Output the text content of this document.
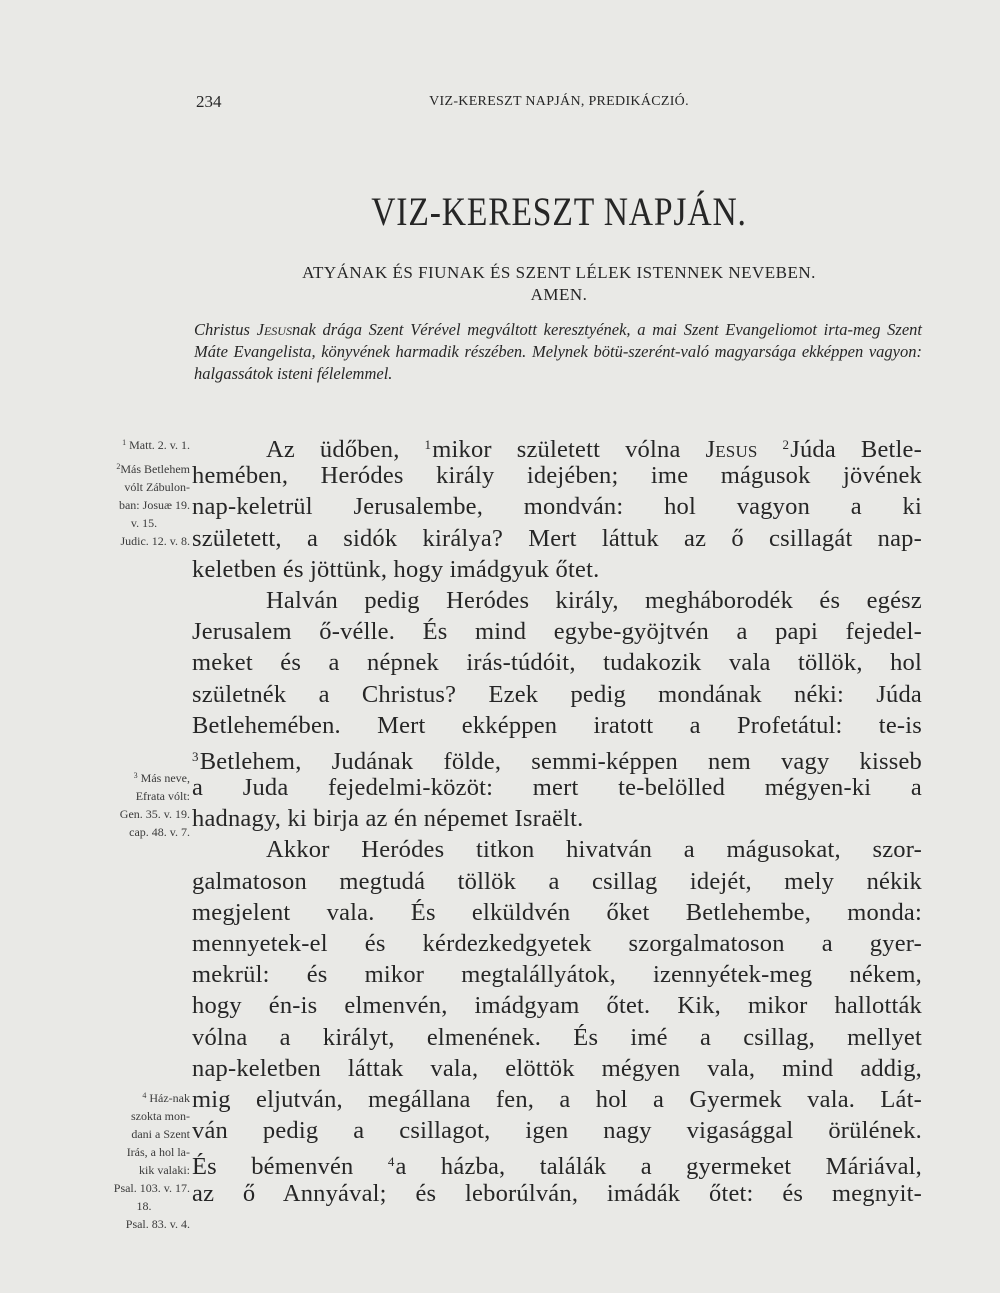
234	VIZ-KERESZT NAPJÁN, PREDIKÁCZIÓ.
VIZ-KERESZT NAPJÁN.
ATYÁNAK ÉS FIUNAK ÉS SZENT LÉLEK ISTENNEK NEVEBEN.
AMEN.
Christus Jesusnak drága Szent Vérével megváltott keresztyének, a mai Szent Evangeliomot irta-meg Szent Máte Evangelista, könyvének harmadik részében. Melynek bötü-szerént-való magyarsága ekképpen vagyon: halgassátok isteni félelemmel.
$^1$ Matt. 2. v. 1.
$^2$Más Betlehem
vólt Zábulon-
ban: Josuæ 19.
v. 15.
Judic. 12. v. 8.
$^3$ Más neve,
Efrata vólt:
Gen. 35. v. 19.
cap. 48. v. 7.
$^4$ Ház-nak
szokta mon-
dani a Szent
Irás, a hol la-
kik valaki:
Psal. 103. v. 17.
18.
Psal. 83. v. 4.
Az üdőben, $^1$mikor született vólna Jesus $^2$Júda Betle-
hemében, Heródes király idejében; ime mágusok jövének
nap-keletrül Jerusalembe, mondván: hol vagyon a ki
született, a sidók királya? Mert láttuk az ő csillagát nap-
keletben és jöttünk, hogy imádgyuk őtet.
Halván pedig Heródes király, megháborodék és egész
Jerusalem ő-vélle. És mind egybe-gyöjtvén a papi fejedel-
meket és a népnek irás-túdóit, tudakozik vala töllök, hol
születnék a Christus? Ezek pedig mondának néki: Júda
Betlehemében. Mert ekképpen iratott a Profetátul: te-is
$^3$Betlehem, Judának földe, semmi-képpen nem vagy kisseb
a Juda fejedelmi-közöt: mert te-belölled mégyen-ki a
hadnagy, ki birja az én népemet Israëlt.
Akkor Heródes titkon hivatván a mágusokat, szor-
galmatoson megtudá töllök a csillag idejét, mely nékik
megjelent vala. És elküldvén őket Betlehembe, monda:
mennyetek-el és kérdezkedgyetek szorgalmatoson a gyer-
mekrül: és mikor megtalállyátok, izennyétek-meg nékem,
hogy én-is elmenvén, imádgyam őtet. Kik, mikor hallották
vólna a királyt, elmenének. És imé a csillag, mellyet
nap-keletben láttak vala, elöttök mégyen vala, mind addig,
mig eljutván, megállana fen, a hol a Gyermek vala. Lát-
ván pedig a csillagot, igen nagy vigasággal örülének.
És bémenvén $^4$a házba, találák a gyermeket Máriával,
az ő Annyával; és leborúlván, imádák őtet: és megnyit-
